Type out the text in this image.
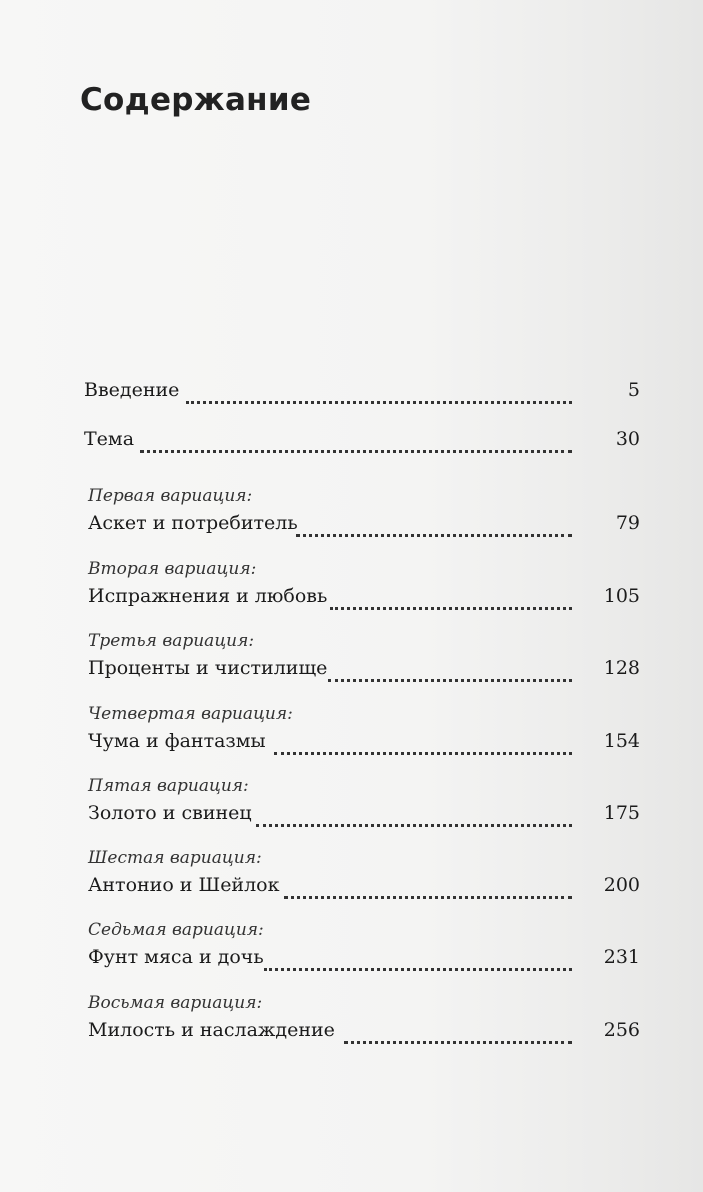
Содержание
Введение	5
Тема	30
Первая вариация:
Аскет и потребитель	79
Вторая вариация:
Испражнения и любовь	105
Третья вариация:
Проценты и чистилище	128
Четвертая вариация:
Чума и фантазмы	154
Пятая вариация:
Золото и свинец	175
Шестая вариация:
Антонио и Шейлок	200
Седьмая вариация:
Фунт мяса и дочь	231
Восьмая вариация:
Милость и наслаждение	256
